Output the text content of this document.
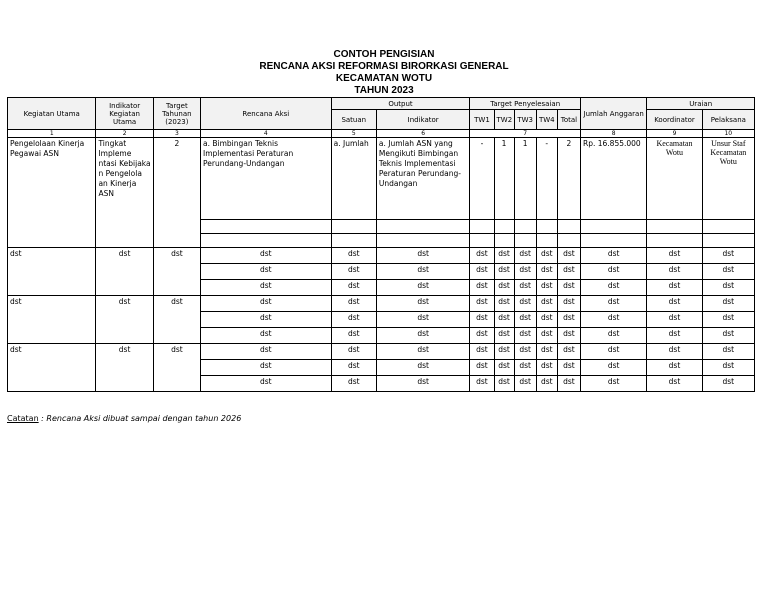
CONTOH PENGISIAN
RENCANA AKSI REFORMASI BIRORKASI GENERAL
KECAMATAN WOTU
TAHUN 2023
Kegiatan Utama	Indikator Kegiatan Utama	Target Tahunan (2023)	Rencana Aksi	Output		Target Penyelesaian					Jumlah Anggaran	Uraian	
				Satuan	Indikator	TW1	TW2	TW3	TW4	Total		Koordinator	Pelaksana
1	2	3	4	5	6	7					8	9	10
Pengelolaan Kinerja Pegawai ASN	Tingkat Impleme ntasi Kebijaka n Pengelola an Kinerja ASN	2	a. Bimbingan Teknis Implementasi Peraturan Perundang-Undangan	a. Jumlah	a. Jumlah ASN yang Mengikuti Bimbingan Teknis Implementasi Peraturan Perundang-Undangan	-	1	1	-	2	Rp. 16.855.000	Kecamatan Wotu	Unsur Staf Kecamatan Wotu

dst	dst	dst	dst	dst	dst	dst	dst	dst	dst	dst	dst	dst	dst
			dst	dst	dst	dst	dst	dst	dst	dst	dst	dst	dst
			dst	dst	dst	dst	dst	dst	dst	dst	dst	dst	dst
dst	dst	dst	dst	dst	dst	dst	dst	dst	dst	dst	dst	dst	dst
			dst	dst	dst	dst	dst	dst	dst	dst	dst	dst	dst
			dst	dst	dst	dst	dst	dst	dst	dst	dst	dst	dst
dst	dst	dst	dst	dst	dst	dst	dst	dst	dst	dst	dst	dst	dst
			dst	dst	dst	dst	dst	dst	dst	dst	dst	dst	dst
			dst	dst	dst	dst	dst	dst	dst	dst	dst	dst	dst
Catatan : Rencana Aksi dibuat sampai dengan tahun 2026
